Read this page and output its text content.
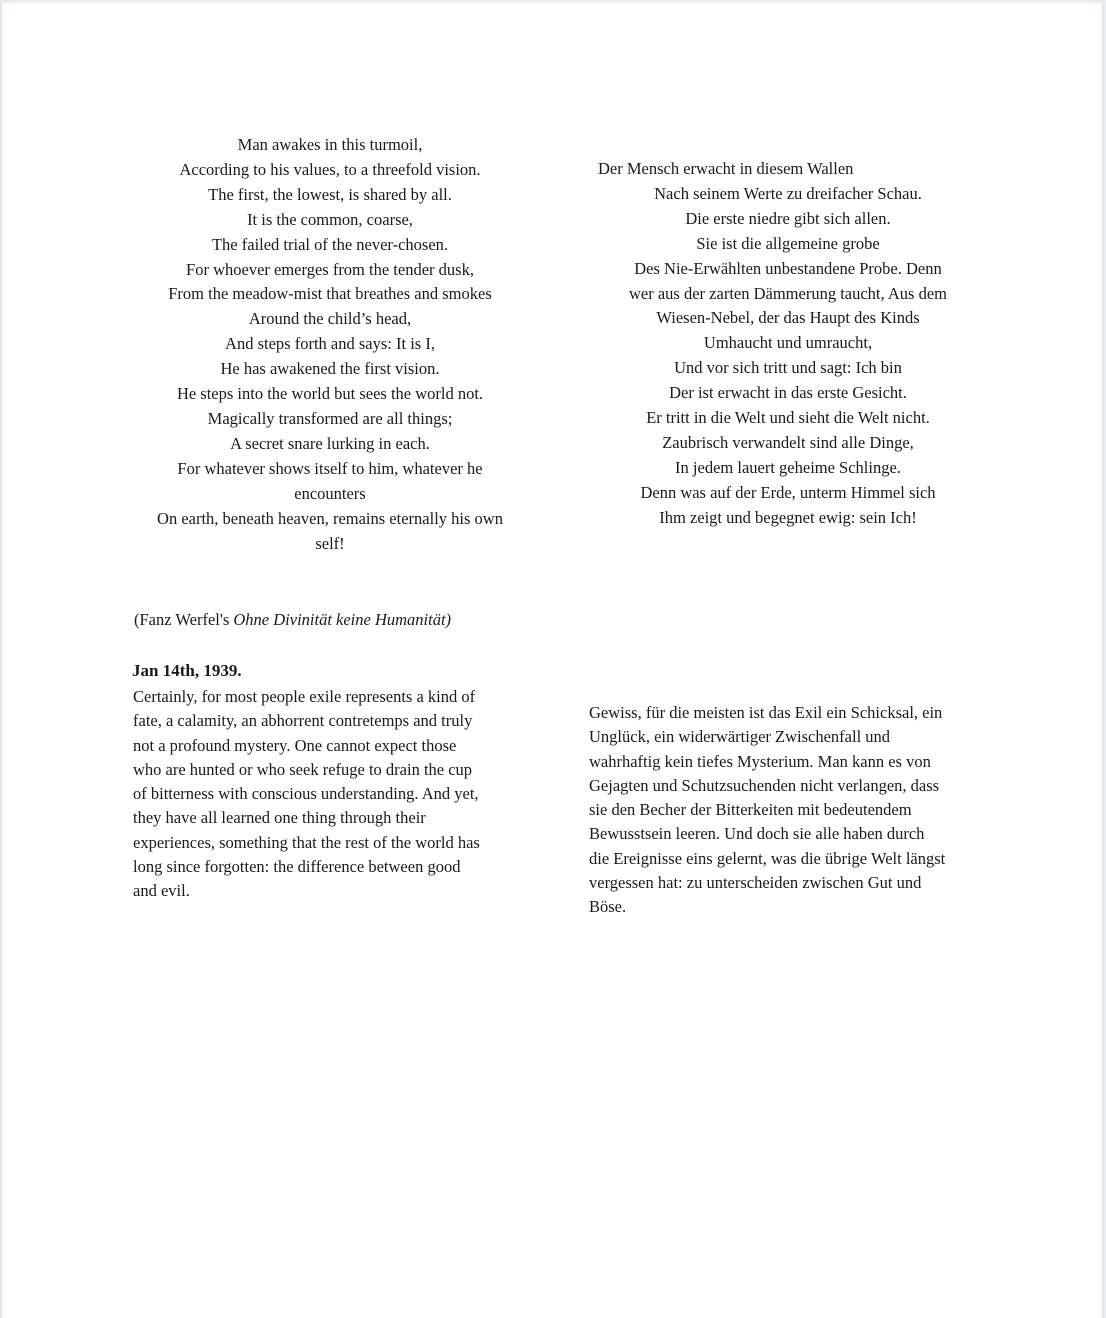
Man awakes in this turmoil,
According to his values, to a threefold vision.
The first, the lowest, is shared by all.
It is the common, coarse,
The failed trial of the never-chosen.
For whoever emerges from the tender dusk,
From the meadow-mist that breathes and smokes
Around the child’s head,
And steps forth and says: It is I,
He has awakened the first vision.
He steps into the world but sees the world not.
Magically transformed are all things;
A secret snare lurking in each.
For whatever shows itself to him, whatever he
encounters
On earth, beneath heaven, remains eternally his own
self!
Der Mensch erwacht in diesem Wallen
Nach seinem Werte zu dreifacher Schau.
Die erste niedre gibt sich allen.
Sie ist die allgemeine grobe
Des Nie-Erwählten unbestandene Probe. Denn
wer aus der zarten Dämmerung taucht, Aus dem
Wiesen-Nebel, der das Haupt des Kinds
Umhaucht und umraucht,
Und vor sich tritt und sagt: Ich bin
Der ist erwacht in das erste Gesicht.
Er tritt in die Welt und sieht die Welt nicht.
Zaubrisch verwandelt sind alle Dinge,
In jedem lauert geheime Schlinge.
Denn was auf der Erde, unterm Himmel sich
Ihm zeigt und begegnet ewig: sein Ich!
(Fanz Werfel's Ohne Divinität keine Humanität)
Jan 14th, 1939.
Certainly, for most people exile represents a kind of
fate, a calamity, an abhorrent contretemps and truly
not a profound mystery. One cannot expect those
who are hunted or who seek refuge to drain the cup
of bitterness with conscious understanding. And yet,
they have all learned one thing through their
experiences, something that the rest of the world has
long since forgotten: the difference between good
and evil.
Gewiss, für die meisten ist das Exil ein Schicksal, ein
Unglück, ein widerwärtiger Zwischenfall und
wahrhaftig kein tiefes Mysterium. Man kann es von
Gejagten und Schutzsuchenden nicht verlangen, dass
sie den Becher der Bitterkeiten mit bedeutendem
Bewusstsein leeren. Und doch sie alle haben durch
die Ereignisse eins gelernt, was die übrige Welt längst
vergessen hat: zu unterscheiden zwischen Gut und
Böse.
